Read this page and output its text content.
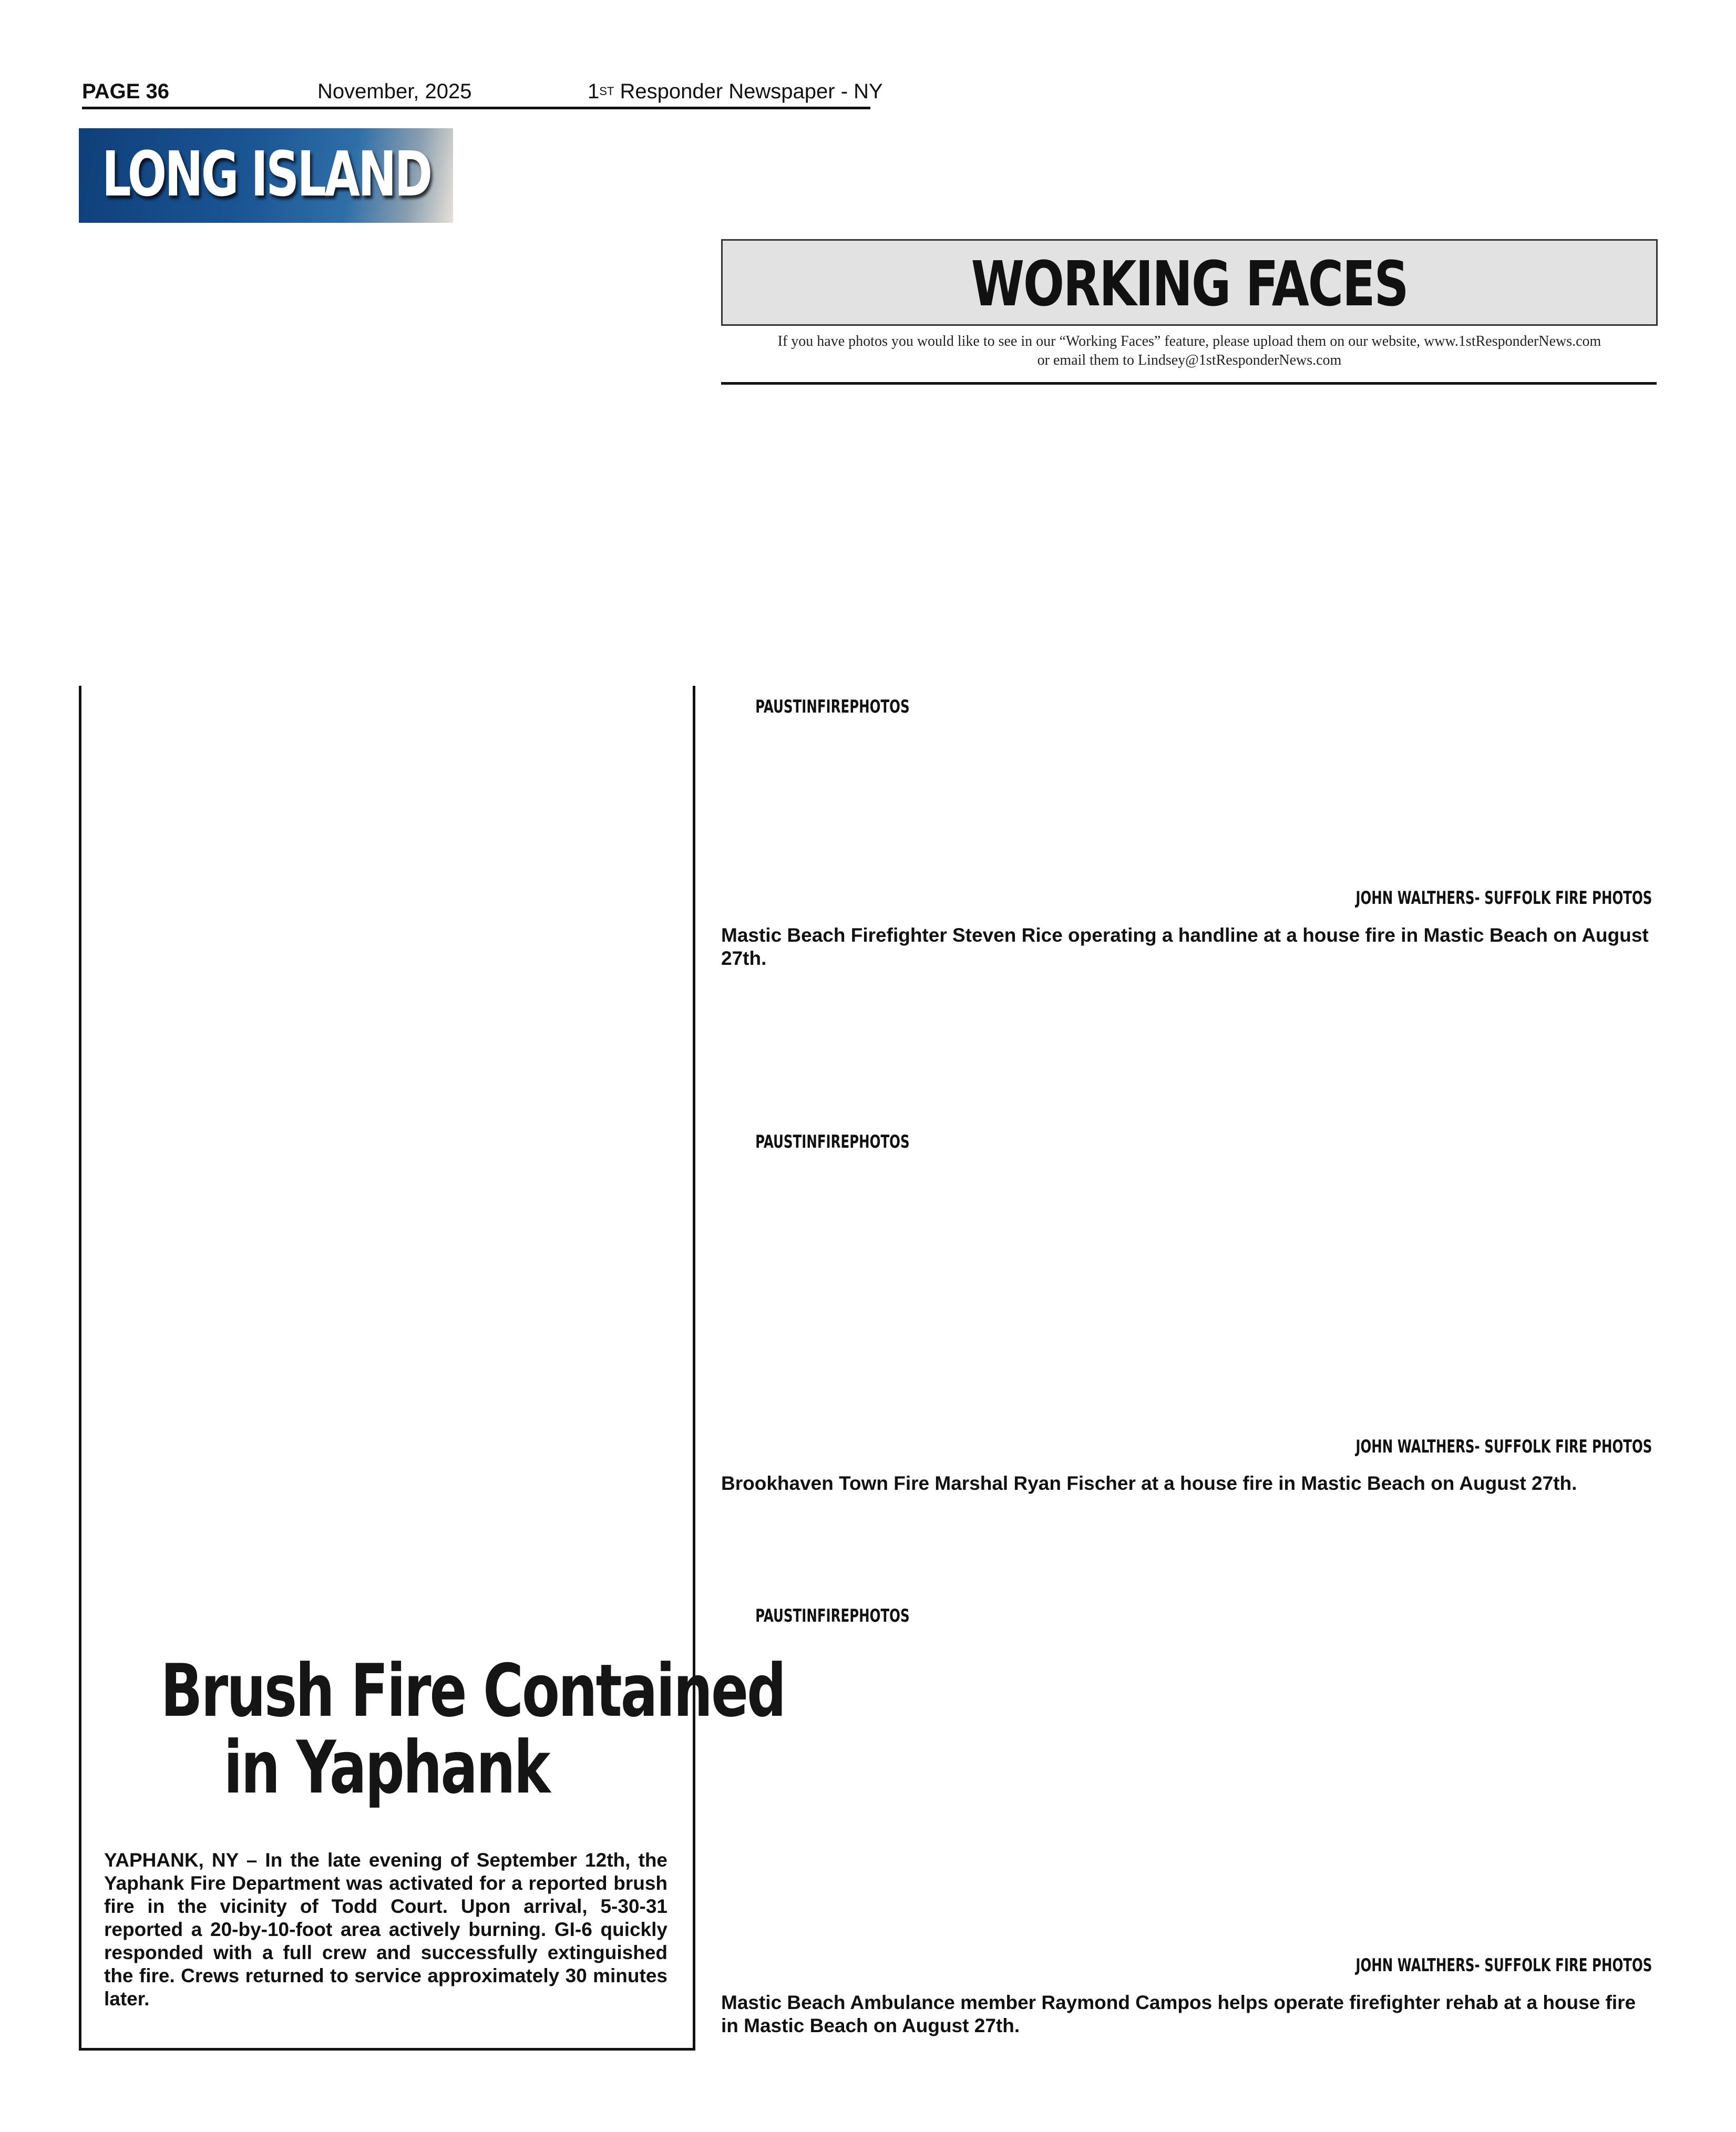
PAGE 36	November, 2025	1ST Responder Newspaper - NY
LONG ISLAND
WORKING FACES
If you have photos you would like to see in our “Working Faces” feature, please upload them on our website, www.1stResponderNews.com
or email them to Lindsey@1stResponderNews.com
PAUSTINFIREPHOTOS
PAUSTINFIREPHOTOS
PAUSTINFIREPHOTOS
JOHN WALTHERS- SUFFOLK FIRE PHOTOS
Mastic Beach Firefighter Steven Rice operating a handline at a house fire in Mastic Beach on August 27th.
JOHN WALTHERS- SUFFOLK FIRE PHOTOS
Brookhaven Town Fire Marshal Ryan Fischer at a house fire in Mastic Beach on August 27th.
JOHN WALTHERS- SUFFOLK FIRE PHOTOS
Mastic Beach Ambulance member Raymond Campos helps operate firefighter rehab at a house fire in Mastic Beach on August 27th.
Brush Fire Contained
in Yaphank
YAPHANK, NY – In the late evening of September 12th, the Yaphank Fire Department was activated for a reported brush fire in the vicinity of Todd Court. Upon arrival, 5-30-31 reported a 20-by-10-foot area actively burning. GI-6 quickly responded with a full crew and successfully extinguished the fire. Crews returned to service approximately 30 minutes later.
